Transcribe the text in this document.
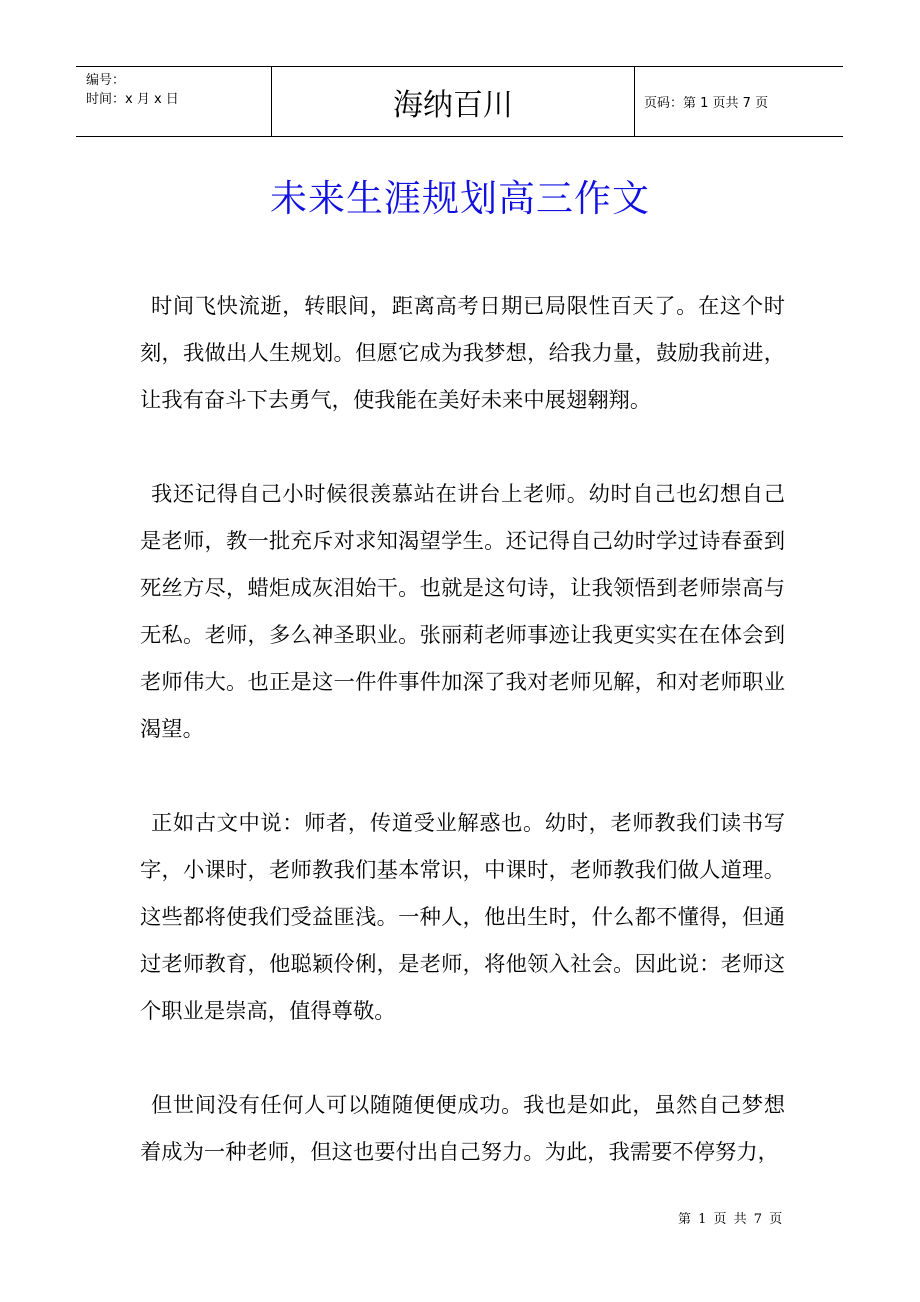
编号：
时间：x 月 x 日	海纳百川	页码：第 1 页共 7 页
未来生涯规划高三作文

时间飞快流逝，转眼间，距离高考日期已局限性百天了。在这个时刻，我做出人生规划。但愿它成为我梦想，给我力量，鼓励我前进，让我有奋斗下去勇气，使我能在美好未来中展翅翱翔。

我还记得自己小时候很羡慕站在讲台上老师。幼时自己也幻想自己是老师，教一批充斥对求知渴望学生。还记得自己幼时学过诗春蚕到死丝方尽，蜡炬成灰泪始干。也就是这句诗，让我领悟到老师崇高与无私。老师，多么神圣职业。张丽莉老师事迹让我更实实在在体会到老师伟大。也正是这一件件事件加深了我对老师见解，和对老师职业渴望。

正如古文中说：师者，传道受业解惑也。幼时，老师教我们读书写字，小课时，老师教我们基本常识，中课时，老师教我们做人道理。这些都将使我们受益匪浅。一种人，他出生时，什么都不懂得，但通过老师教育，他聪颖伶俐，是老师，将他领入社会。因此说：老师这个职业是崇高，值得尊敬。

但世间没有任何人可以随随便便成功。我也是如此，虽然自己梦想着成为一种老师，但这也要付出自己努力。为此，我需要不停努力，

第 1 页 共 7 页
